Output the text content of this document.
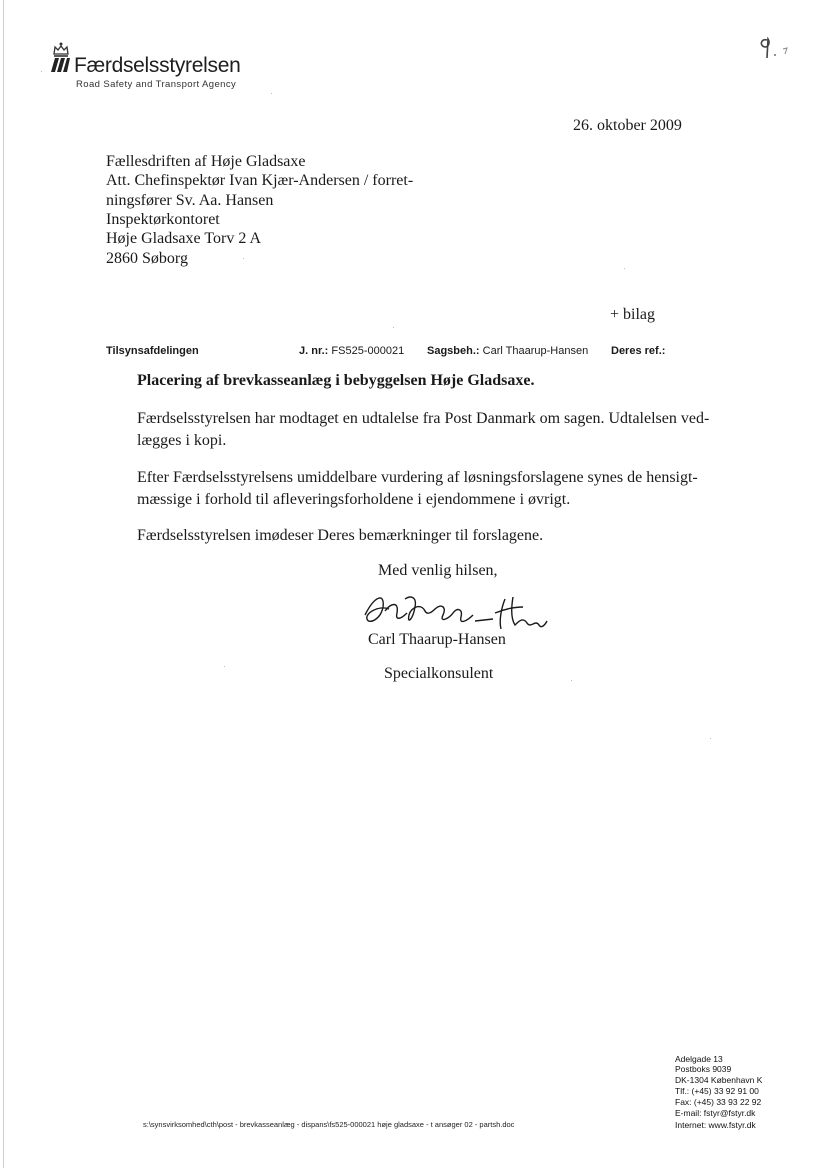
Færdselsstyrelsen
Road Safety and Transport Agency
26. oktober 2009
Fællesdriften af Høje Gladsaxe
Att. Chefinspektør Ivan Kjær-Andersen / forret-
ningsfører Sv. Aa. Hansen
Inspektørkontoret
Høje Gladsaxe Torv 2 A
2860 Søborg
+ bilag
Tilsynsafdelingen	J. nr.: FS525-000021 Sagsbeh.: Carl Thaarup-Hansen Deres ref.:
Placering af brevkasseanlæg i bebyggelsen Høje Gladsaxe.
Færdselsstyrelsen har modtaget en udtalelse fra Post Danmark om sagen. Udtalelsen ved-
lægges i kopi.
Efter Færdselsstyrelsens umiddelbare vurdering af løsningsforslagene synes de hensigt-
mæssige i forhold til afleveringsforholdene i ejendommene i øvrigt.
Færdselsstyrelsen imødeser Deres bemærkninger til forslagene.
Med venlig hilsen,
Carl Thaarup-Hansen
Specialkonsulent
s:\synsvirksomhed\cth\post - brevkasseanlæg - dispans\fs525-000021 høje gladsaxe - t ansøger 02 - partsh.doc
Adelgade 13
Postboks 9039
DK-1304 København K
Tlf.: (+45) 33 92 91 00
Fax: (+45) 33 93 22 92
E-mail: fstyr@fstyr.dk
Internet: www.fstyr.dk
